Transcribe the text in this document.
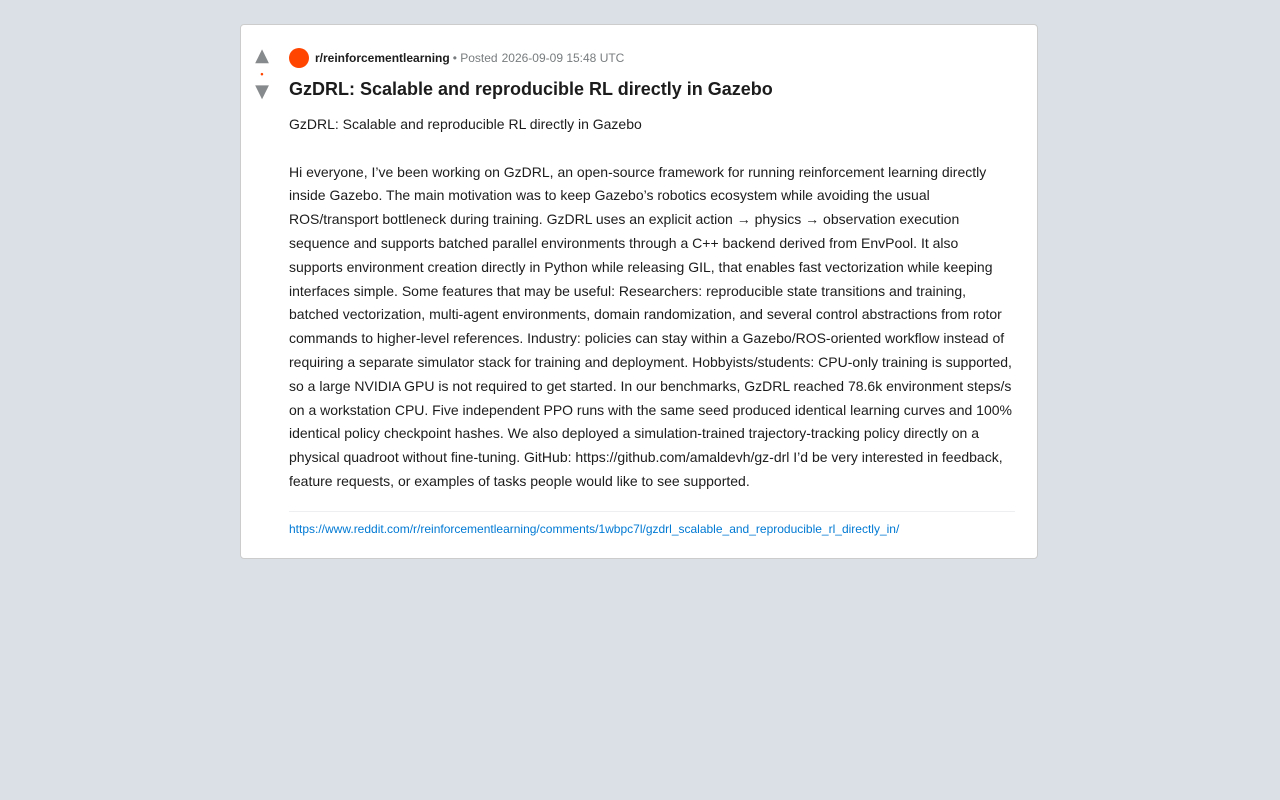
▲
•
▼
r/reinforcementlearning • Posted 2026-09-09 15:48 UTC
GzDRL: Scalable and reproducible RL directly in Gazebo

GzDRL: Scalable and reproducible RL directly in Gazebo

Hi everyone, I’ve been working on GzDRL, an open-source framework for running reinforcement learning directly inside Gazebo. The main motivation was to keep Gazebo’s robotics ecosystem while avoiding the usual ROS/transport bottleneck during training. GzDRL uses an explicit action → physics → observation execution sequence and supports batched parallel environments through a C++ backend derived from EnvPool. It also supports environment creation directly in Python while releasing GIL, that enables fast vectorization while keeping interfaces simple. Some features that may be useful: Researchers: reproducible state transitions and training, batched vectorization, multi-agent environments, domain randomization, and several control abstractions from rotor commands to higher-level references. Industry: policies can stay within a Gazebo/ROS-oriented workflow instead of requiring a separate simulator stack for training and deployment. Hobbyists/students: CPU-only training is supported, so a large NVIDIA GPU is not required to get started. In our benchmarks, GzDRL reached 78.6k environment steps/s on a workstation CPU. Five independent PPO runs with the same seed produced identical learning curves and 100% identical policy checkpoint hashes. We also deployed a simulation-trained trajectory-tracking policy directly on a physical quadroot without fine-tuning. GitHub: https://github.com/amaldevh/gz-drl I’d be very interested in feedback, feature requests, or examples of tasks people would like to see supported.

https://www.reddit.com/r/reinforcementlearning/comments/1wbpc7l/gzdrl_scalable_and_reproducible_rl_directly_in/
